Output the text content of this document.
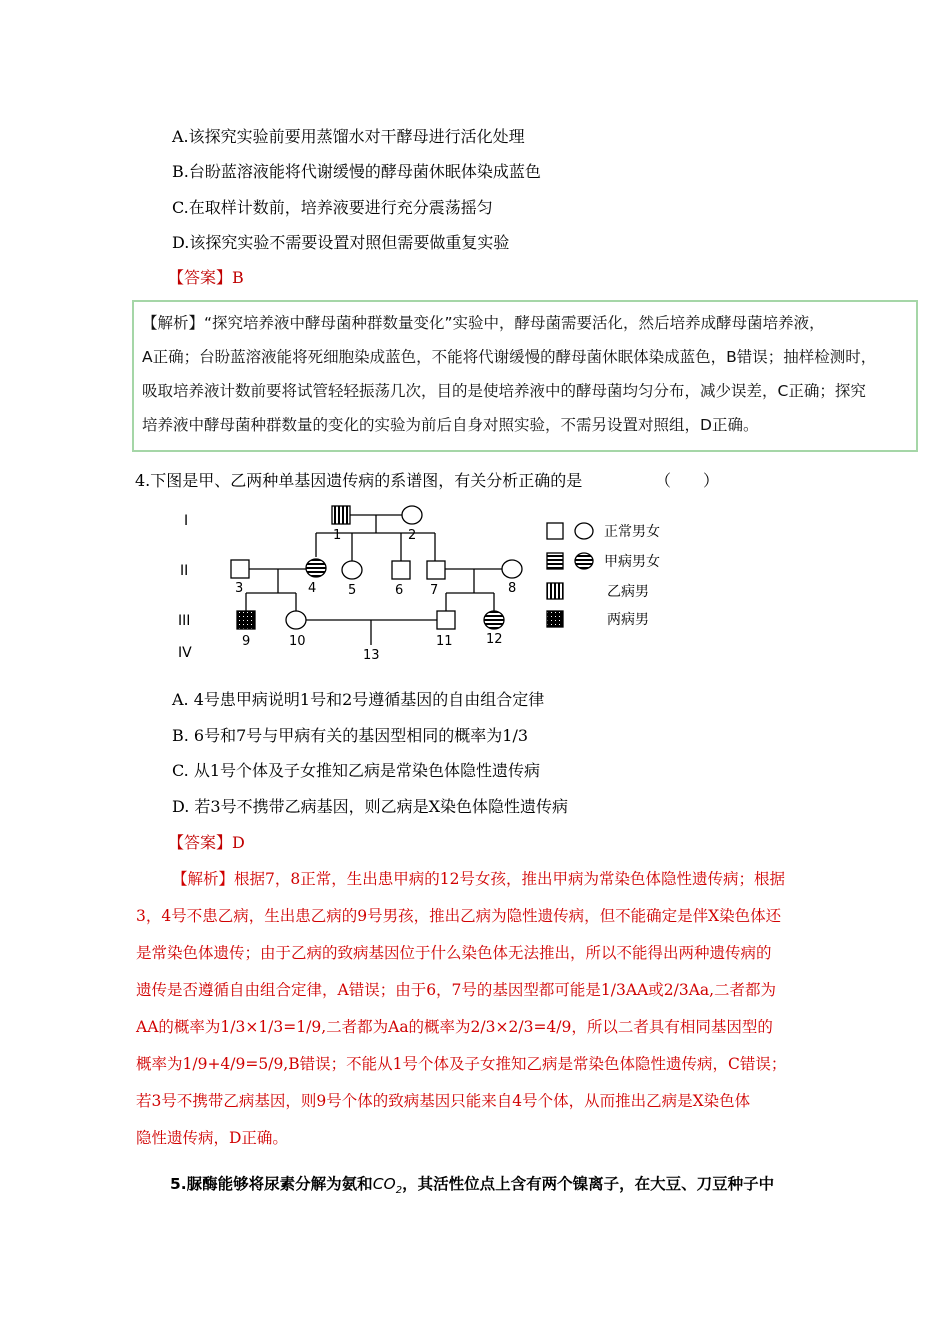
A.该探究实验前要用蒸馏水对干酵母进行活化处理
B.台盼蓝溶液能将代谢缓慢的酵母菌休眠体染成蓝色
C.在取样计数前，培养液要进行充分震荡摇匀
D.该探究实验不需要设置对照但需要做重复实验
【答案】B
【解析】“探究培养液中酵母菌种群数量变化”实验中，酵母菌需要活化，然后培养成酵母菌培养液，
A正确；台盼蓝溶液能将死细胞染成蓝色，不能将代谢缓慢的酵母菌休眠体染成蓝色，B错误；抽样检测时，
吸取培养液计数前要将试管轻轻振荡几次，目的是使培养液中的酵母菌均匀分布，减少误差，C正确；探究
培养液中酵母菌种群数量的变化的实验为前后自身对照实验，不需另设置对照组，D正确。
4.下图是甲、乙两种单基因遗传病的系谱图，有关分析正确的是	（　　）
I
II
III
IV
1	2
3	4 5	6 7	8
9	10	11	12
13
正常男女
甲病男女
乙病男
两病男
A. 4号患甲病说明1号和2号遵循基因的自由组合定律
B. 6号和7号与甲病有关的基因型相同的概率为1/3
C. 从1号个体及子女推知乙病是常染色体隐性遗传病
D. 若3号不携带乙病基因，则乙病是X染色体隐性遗传病
【答案】D
【解析】根据7，8正常，生出患甲病的12号女孩，推出甲病为常染色体隐性遗传病；根据
3，4号不患乙病，生出患乙病的9号男孩，推出乙病为隐性遗传病，但不能确定是伴X染色体还
是常染色体遗传；由于乙病的致病基因位于什么染色体无法推出，所以不能得出两种遗传病的
遗传是否遵循自由组合定律，A错误；由于6，7号的基因型都可能是1/3AA或2/3Aa,二者都为
AA的概率为1/3×1/3=1/9,二者都为Aa的概率为2/3×2/3=4/9，所以二者具有相同基因型的
概率为1/9+4/9=5/9,B错误；不能从1号个体及子女推知乙病是常染色体隐性遗传病，C错误；
若3号不携带乙病基因，则9号个体的致病基因只能来自4号个体，从而推出乙病是X染色体
隐性遗传病，D正确。
5.脲酶能够将尿素分解为氨和$CO_2$，其活性位点上含有两个镍离子，在大豆、刀豆种子中
